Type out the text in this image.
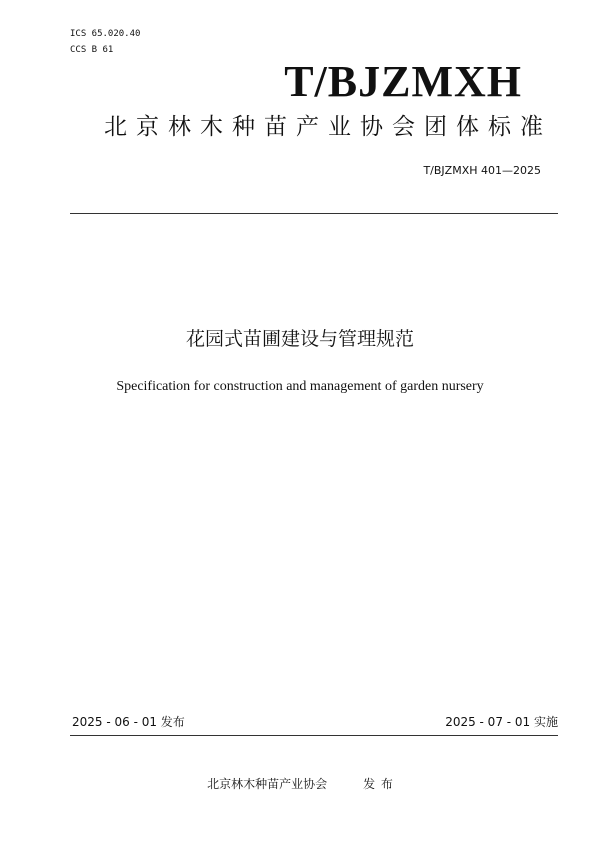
ICS 65.020.40
CCS B 61
T/BJZMXH
北京林木种苗产业协会团体标准
T/BJZMXH 401—2025
花园式苗圃建设与管理规范
Specification for construction and management of garden nursery
2025 - 06 - 01 发布	2025 - 07 - 01 实施
北京林木种苗产业协会　　　发 布
